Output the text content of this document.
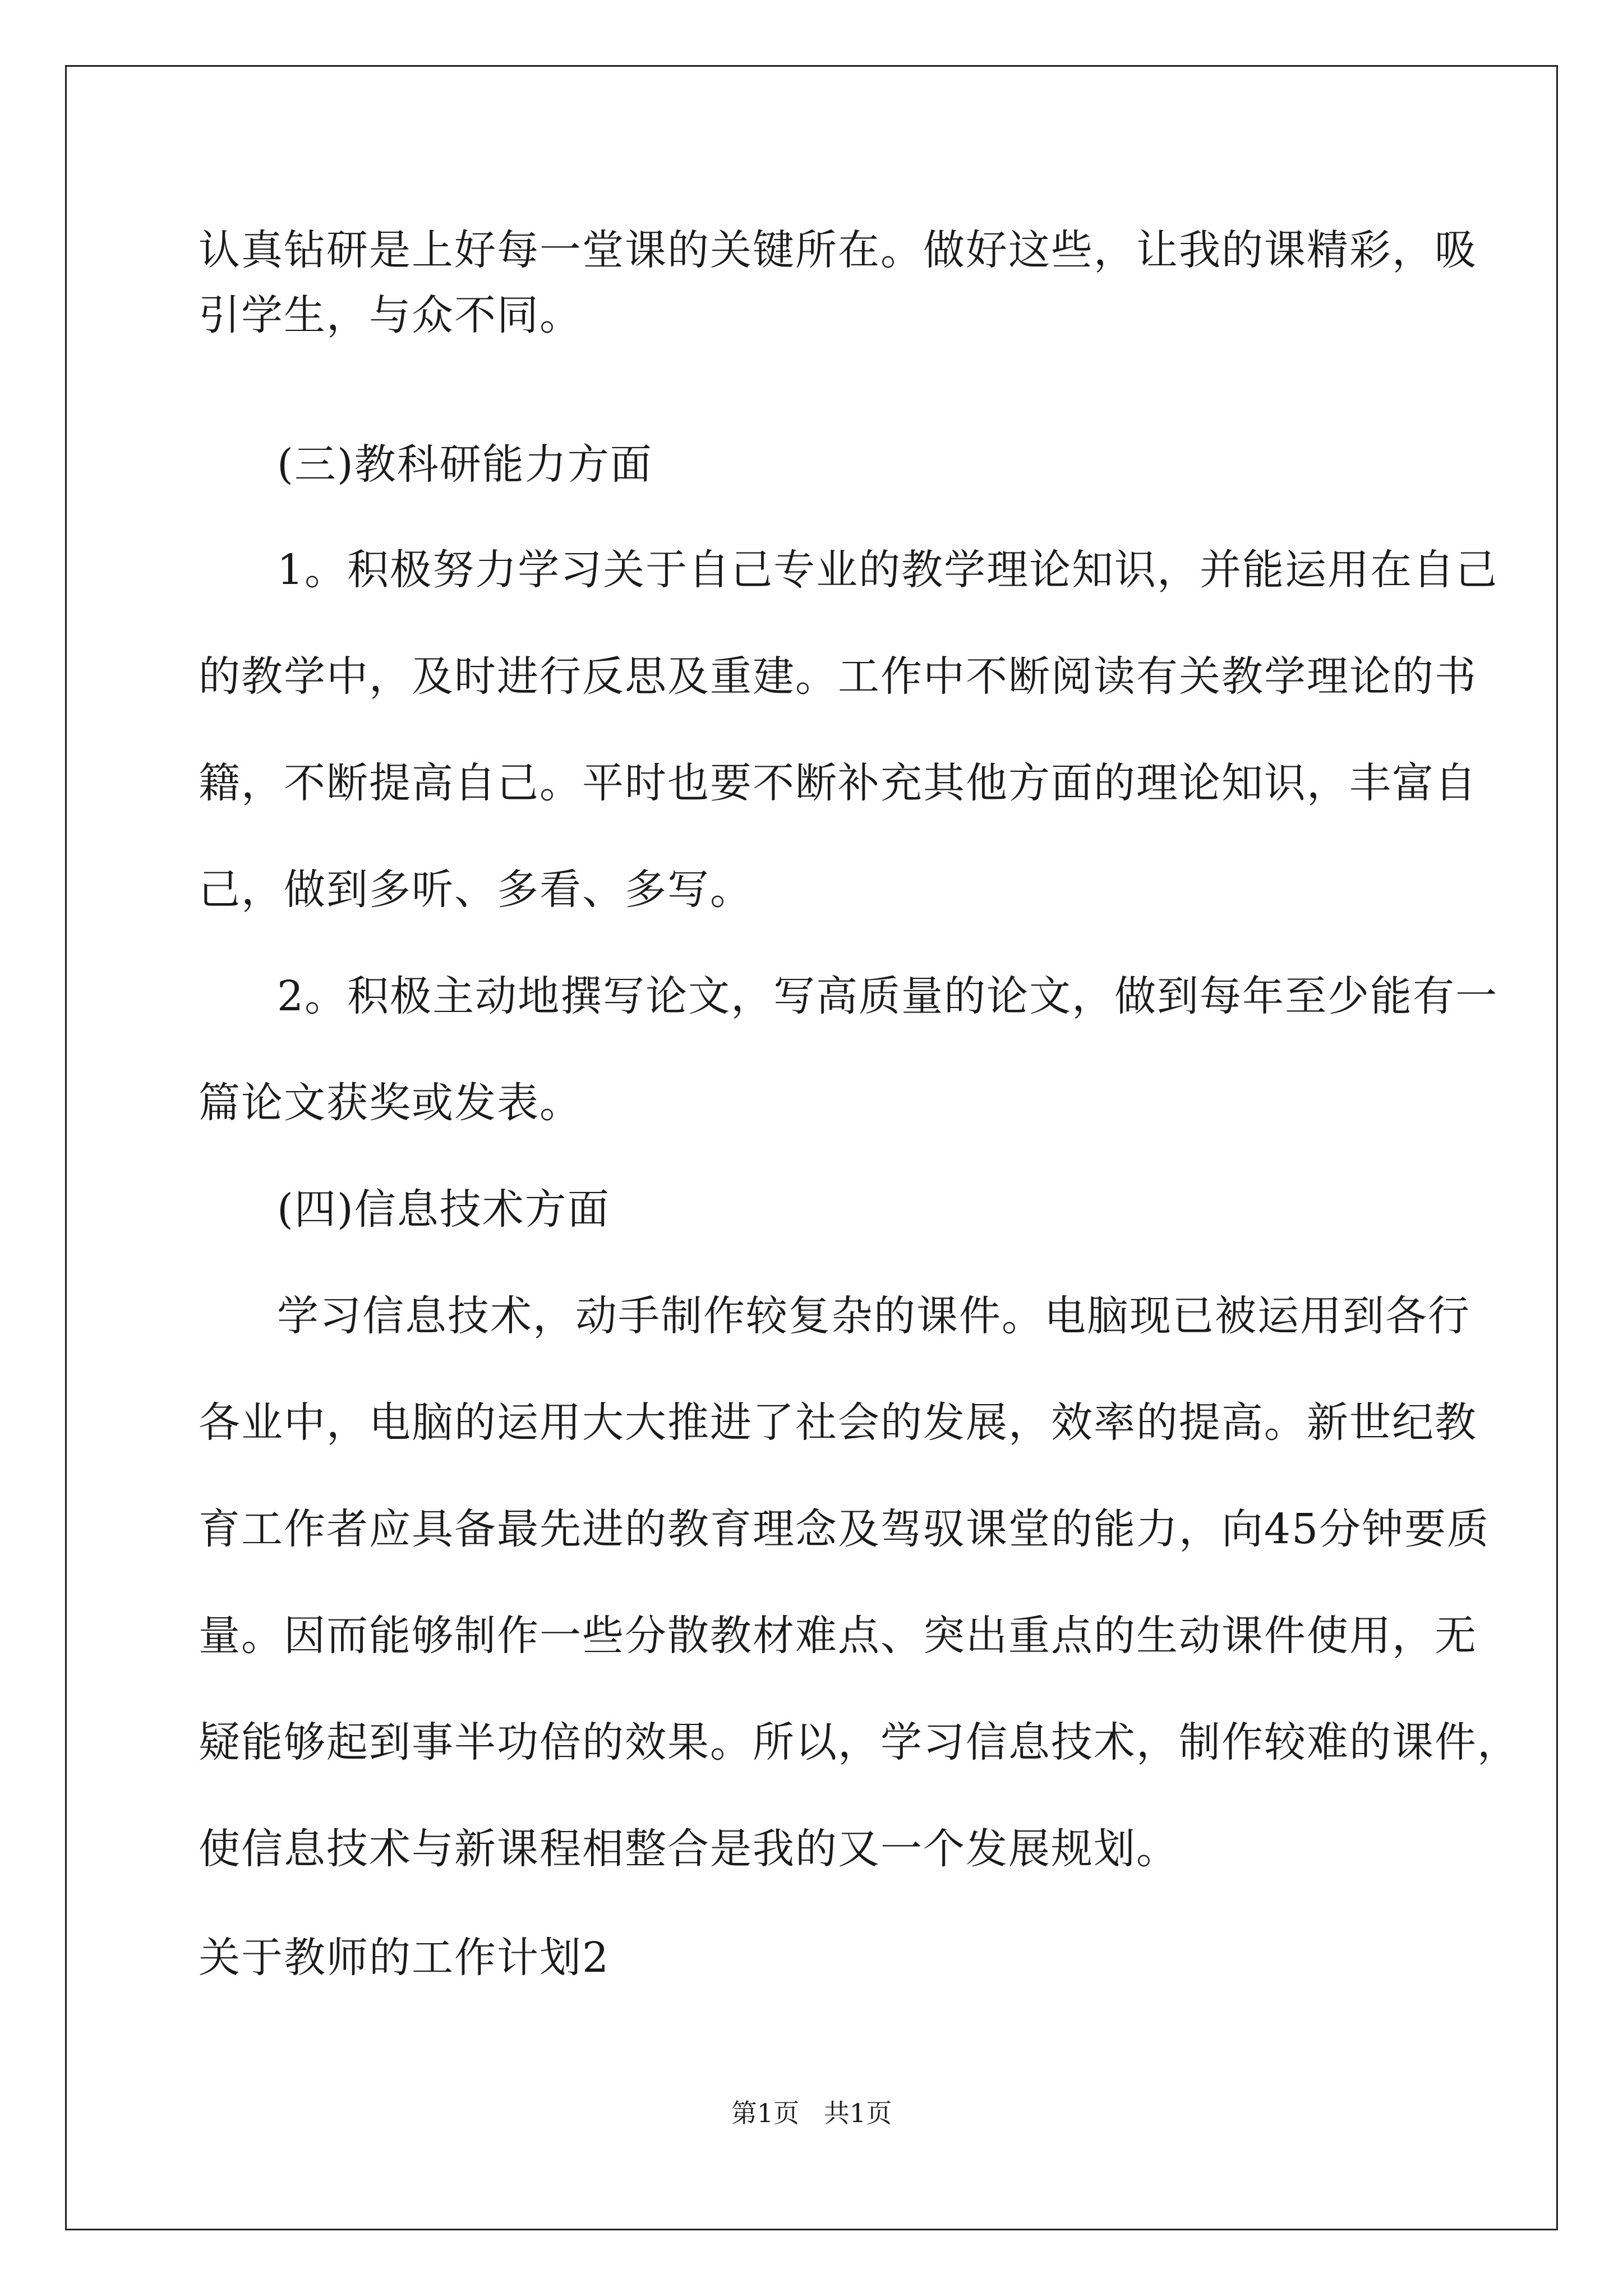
认真钻研是上好每一堂课的关键所在。做好这些，让我的课精彩，吸
引学生，与众不同。
(三)教科研能力方面
1。积极努力学习关于自己专业的教学理论知识，并能运用在自己
的教学中，及时进行反思及重建。工作中不断阅读有关教学理论的书
籍，不断提高自己。平时也要不断补充其他方面的理论知识，丰富自
己，做到多听、多看、多写。
2。积极主动地撰写论文，写高质量的论文，做到每年至少能有一
篇论文获奖或发表。
(四)信息技术方面
学习信息技术，动手制作较复杂的课件。电脑现已被运用到各行
各业中，电脑的运用大大推进了社会的发展，效率的提高。新世纪教
育工作者应具备最先进的教育理念及驾驭课堂的能力，向45分钟要质
量。因而能够制作一些分散教材难点、突出重点的生动课件使用，无
疑能够起到事半功倍的效果。所以，学习信息技术，制作较难的课件，
使信息技术与新课程相整合是我的又一个发展规划。
关于教师的工作计划2
第1页   共1页
